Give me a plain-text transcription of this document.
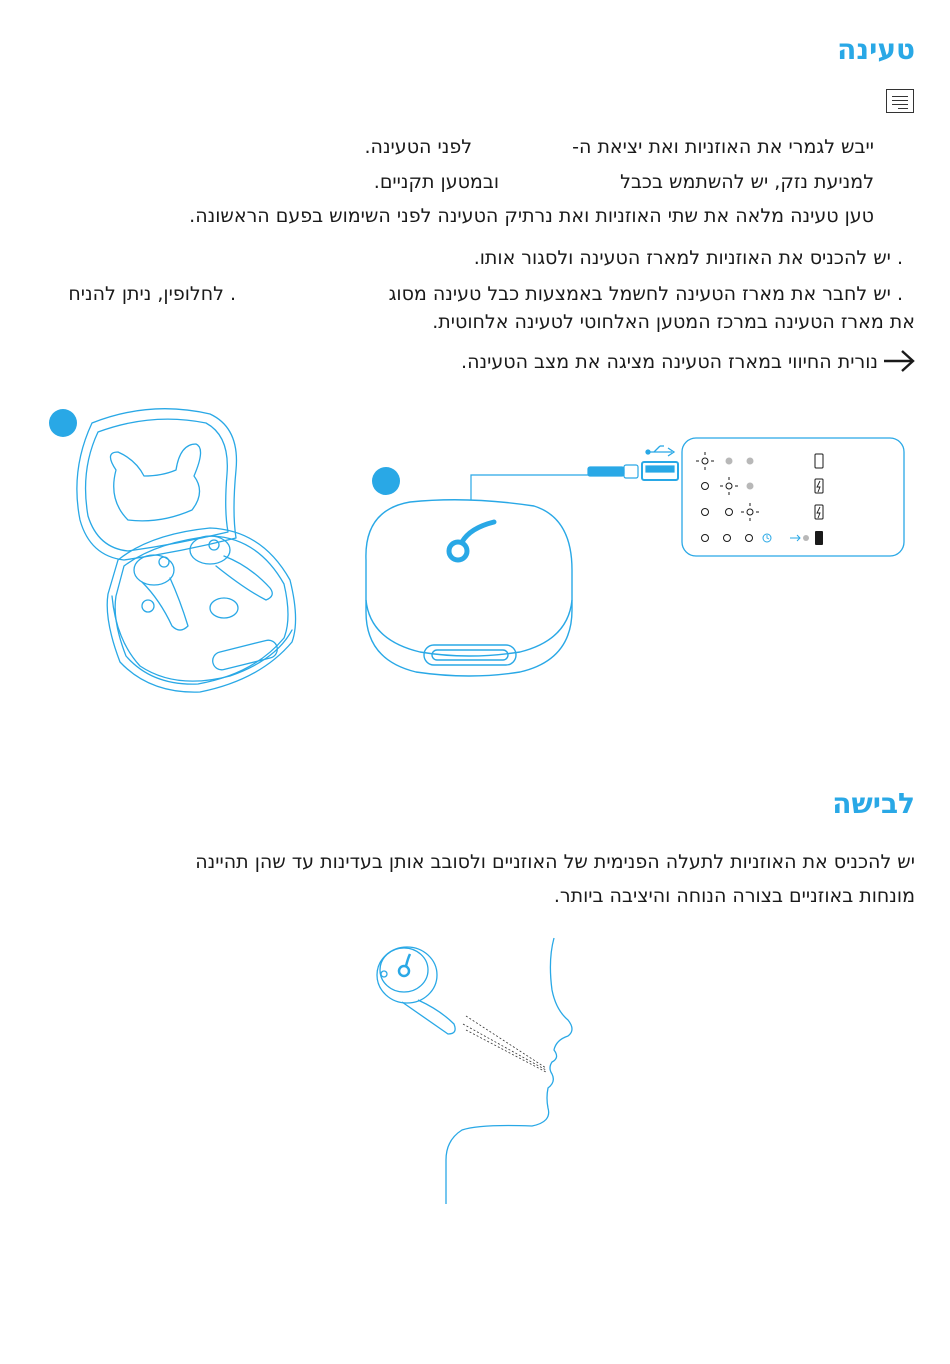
טעינה
ייבש לגמרי את האוזניות ואת יציאת ה-
לפני הטעינה.
למניעת נזק, יש להשתמש בכבל
ובמטען תקניים.
טען טעינה מלאה את שתי האוזניות ואת נרתיק הטעינה לפני השימוש בפעם הראשונה.
. יש להכניס את האוזניות למארז הטעינה ולסגור אותו.
. יש לחבר את מארז הטעינה לחשמל באמצעות כבל טעינה מסוג
. לחלופין, ניתן להניח
את מארז הטעינה במרכז המטען האלחוטי לטעינה אלחוטית.
נורית החיווי במארז הטעינה מציגה את מצב הטעינה.
לבישה
יש להכניס את האוזניות לתעלה הפנימית של האוזניים ולסובב אותן בעדינות עד שהן תהיינה
מונחות באוזניים בצורה הנוחה והיציבה ביותר.
